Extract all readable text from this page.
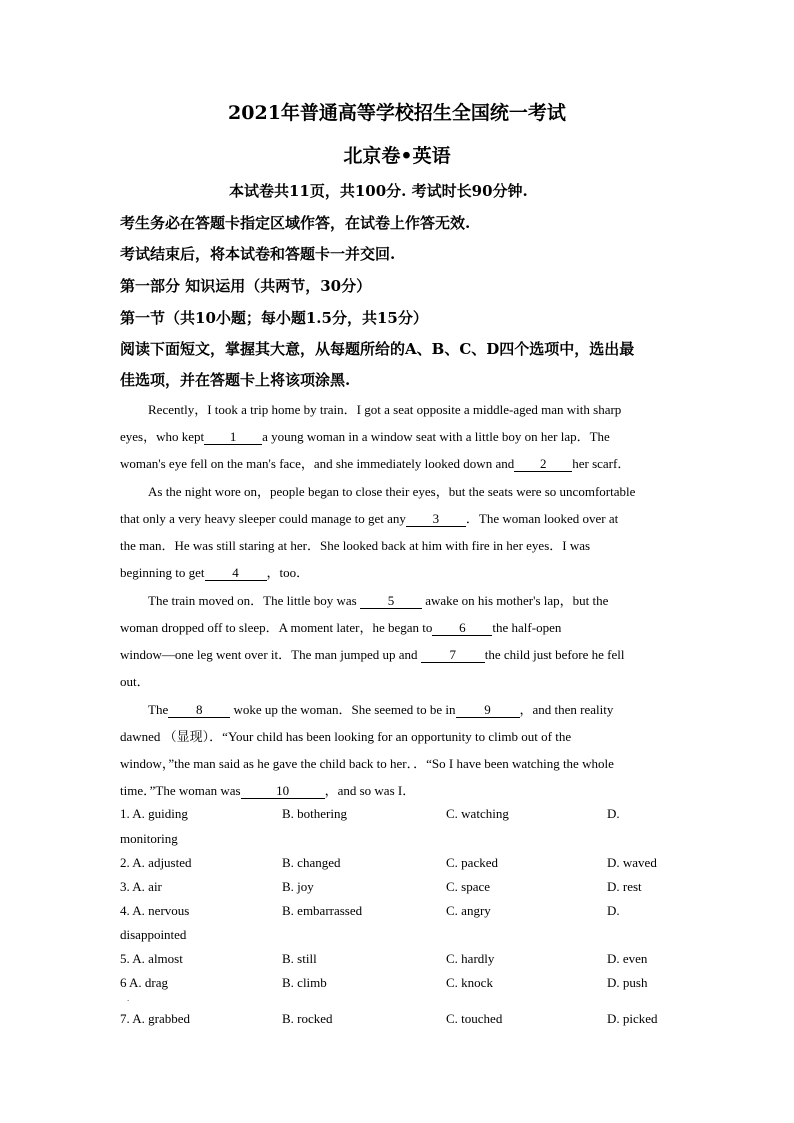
2021年普通高等学校招生全国统一考试
北京卷•英语
本试卷共11页，共100分. 考试时长90分钟.
考生务必在答题卡指定区域作答，在试卷上作答无效.
考试结束后，将本试卷和答题卡一并交回.
第一部分 知识运用（共两节，30分）
第一节（共10小题；每小题1.5分，共15分）
阅读下面短文，掌握其大意，从每题所给的A、B、C、D四个选项中，选出最
佳选项，并在答题卡上将该项涂黑.
Recently，I took a trip home by train．I got a seat opposite a middle-aged man with sharp
eyes，who kept 1 a young woman in a window seat with a little boy on her lap．The
woman's eye fell on the man's face，and she immediately looked down and 2 her scarf．
As the night wore on，people began to close their eyes，but the seats were so uncomfortable
that only a very heavy sleeper could manage to get any 3 ．The woman looked over at
the man．He was still staring at her．She looked back at him with fire in her eyes．I was
beginning to get 4 ，too．
The train moved on．The little boy was 5 awake on his mother's lap，but the
woman dropped off to sleep．A moment later，he began to 6 the half-open
window—one leg went over it．The man jumped up and 7 the child just before he fell
out．
The 8 woke up the woman．She seemed to be in 9 ，and then reality
dawned （显现）．“Your child has been looking for an opportunity to climb out of the
window，”the man said as he gave the child back to her．．“So I have been watching the whole
time．”The woman was	10	，and so was I．
1. A. guiding	B. bothering	C. watching	D.
monitoring
2. A. adjusted	B. changed	C. packed	D. waved
3. A. air	B. joy	C. space	D. rest
4. A. nervous	B. embarrassed	C. angry	D.
disappointed
5. A. almost	B. still	C. hardly	D. even
6 A. drag	B. climb	C. knock	D. push
.
7. A. grabbed	B. rocked	C. touched	D. picked
